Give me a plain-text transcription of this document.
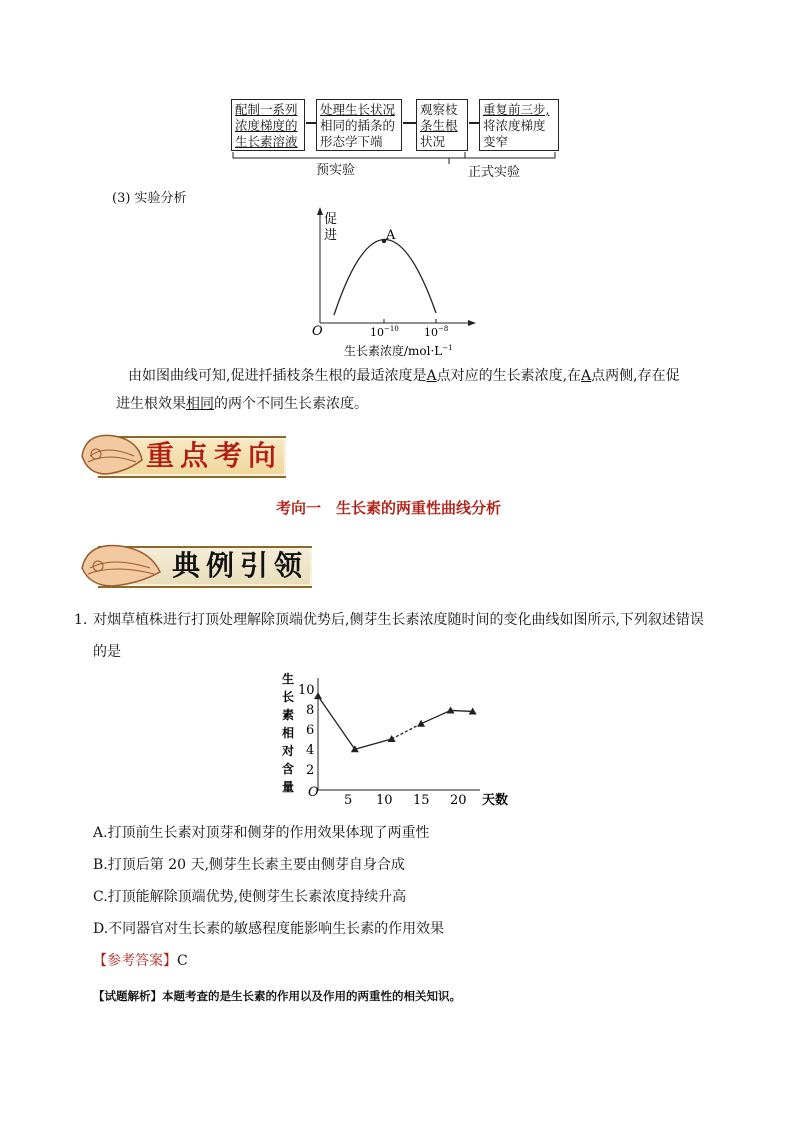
配制一系列
浓度梯度的
生长素溶液
处理生长状况
相同的插条的
形态学下端
观察枝
条生根
状况
重复前三步,
将浓度梯度
变窄
预实验	正式实验
(3) 实验分析
促
进	A
O	$10^{-10}$ $10^{-8}$
生长素浓度$/mol\cdot L^{-1}$
由如图曲线可知,促进扦插枝条生根的最适浓度是A点对应的生长素浓度,在A点两侧,存在促
进生根效果相同的两个不同生长素浓度。
重点考向
考向一　生长素的两重性曲线分析
典例引领
1. 对烟草植株进行打顶处理解除顶端优势后,侧芽生长素浓度随时间的变化曲线如图所示,下列叙述错误
的是
生
长
素
相
对
含
量
10
8
6
4
2
O
5 10 15 20 天数
A.打顶前生长素对顶芽和侧芽的作用效果体现了两重性
B.打顶后第 20 天,侧芽生长素主要由侧芽自身合成
C.打顶能解除顶端优势,使侧芽生长素浓度持续升高
D.不同器官对生长素的敏感程度能影响生长素的作用效果
【参考答案】C
【试题解析】本题考查的是生长素的作用以及作用的两重性的相关知识。
